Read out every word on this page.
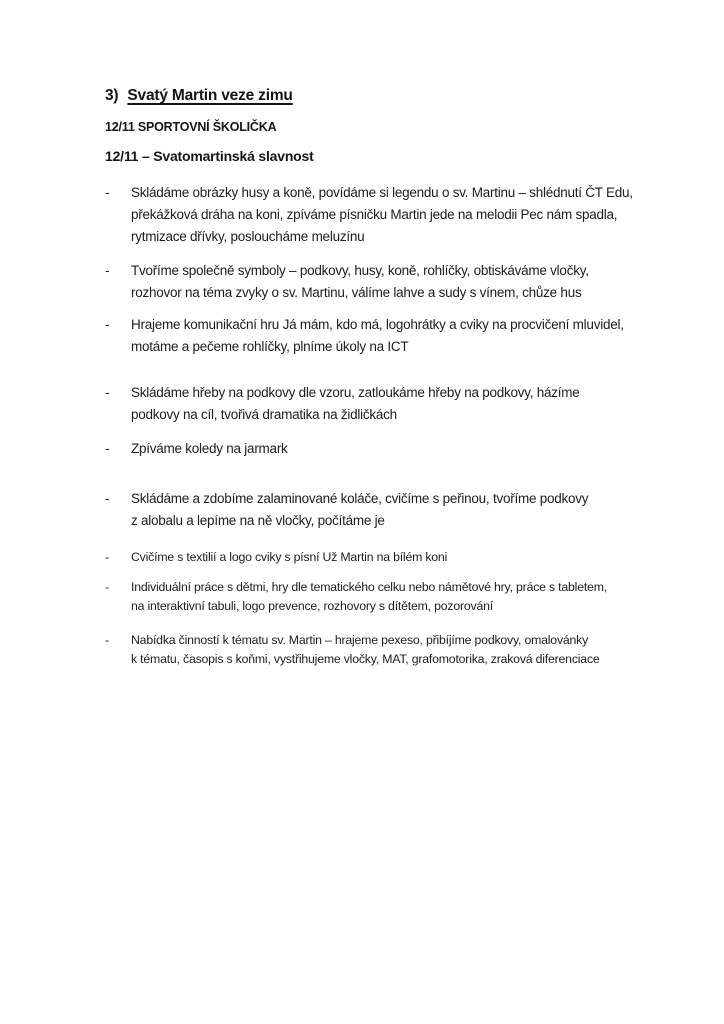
3) Svatý Martin veze zimu
12/11 SPORTOVNÍ ŠKOLIČKA
12/11 – Svatomartinská slavnost
-	Skládáme obrázky husy a koně, povídáme si legendu o sv. Martinu – shlédnutí ČT Edu,
překážková dráha na koni, zpíváme písničku Martin jede na melodii Pec nám spadla,
rytmizace dřívky, posloucháme meluzínu
-	Tvoříme společně symboly – podkovy, husy, koně, rohlíčky, obtiskáváme vločky,
rozhovor na téma zvyky o sv. Martinu, válíme lahve a sudy s vínem, chůze hus
-	Hrajeme komunikační hru Já mám, kdo má, logohrátky a cviky na procvičení mluvidel,
motáme a pečeme rohlíčky, plníme úkoly na ICT
-	Skládáme hřeby na podkovy dle vzoru, zatloukáme hřeby na podkovy, házíme
podkovy na cíl, tvořivá dramatika na židličkách
-	Zpíváme koledy na jarmark
-	Skládáme a zdobíme zalaminované koláče, cvičíme s peřinou, tvoříme podkovy
z alobalu a lepíme na ně vločky, počítáme je
-	Cvičíme s textilií a logo cviky s písní Už Martin na bílém koni
-	Individuální práce s dětmi, hry dle tematického celku nebo námětové hry, práce s tabletem,
na interaktivní tabuli, logo prevence, rozhovory s dítětem, pozorování
-	Nabídka činností k tématu sv. Martin – hrajeme pexeso, přibíjíme podkovy, omalovánky
k tématu, časopis s koňmi, vystřihujeme vločky, MAT, grafomotorika, zraková diferenciace
